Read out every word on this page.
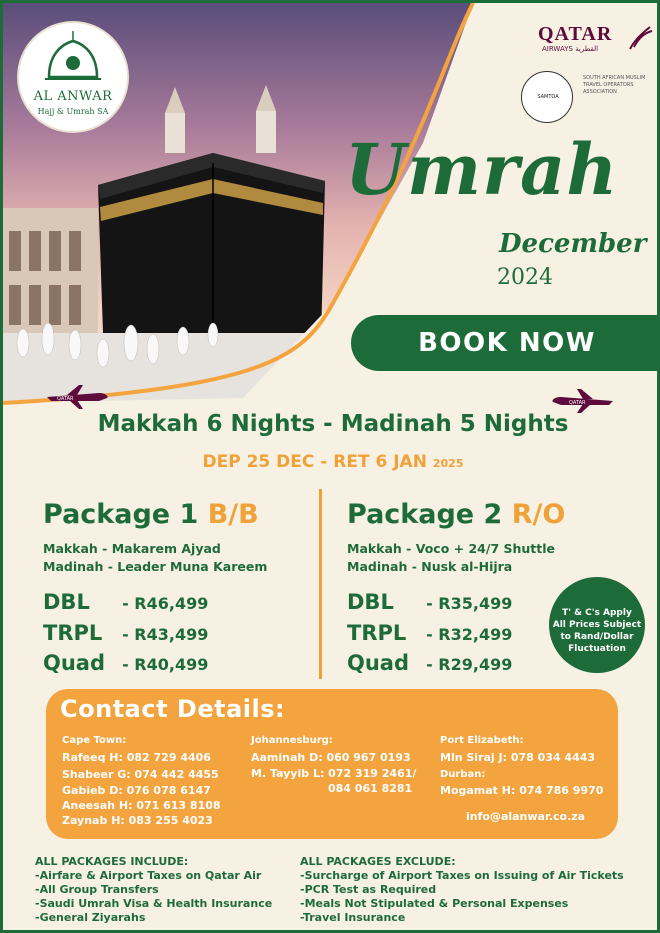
AL ANWAR
Hajj & Umrah SA
QATAR
AIRWAYS القطرية
SAMTOA
SOUTH AFRICAN MUSLIM TRAVEL OPERATORS ASSOCIATION
Umrah
December
2024
BOOK NOW
QATAR
QATAR
Makkah 6 Nights - Madinah 5 Nights
DEP 25 DEC - RET 6 JAN 2025
Package 1 B/B
Makkah - Makarem Ajyad
Madinah - Leader Muna Kareem
DBL - R46,499
TRPL - R43,499
Quad - R40,499
Package 2 R/O
Makkah - Voco + 24/7 Shuttle
Madinah - Nusk al-Hijra
DBL - R35,499
TRPL - R32,499
Quad - R29,499
T' & C's Apply
All Prices Subject
to Rand/Dollar
Fluctuation
Contact Details:
Cape Town:
Rafeeq H: 082 729 4406
Shabeer G: 074 442 4455
Gabieb D: 076 078 6147
Aneesah H: 071 613 8108
Zaynab H: 083 255 4023
Johannesburg:
Aaminah D: 060 967 0193
M. Tayyib L: 072 319 2461/
084 061 8281
Port Elizabeth:
Mln Siraj J: 078 034 4443
Durban:
Mogamat H: 074 786 9970
info@alanwar.co.za
ALL PACKAGES INCLUDE:
-Airfare & Airport Taxes on Qatar Air
-All Group Transfers
-Saudi Umrah Visa & Health Insurance
-General Ziyarahs
ALL PACKAGES EXCLUDE:
-Surcharge of Airport Taxes on Issuing of Air Tickets
-PCR Test as Required
-Meals Not Stipulated & Personal Expenses
-Travel Insurance
